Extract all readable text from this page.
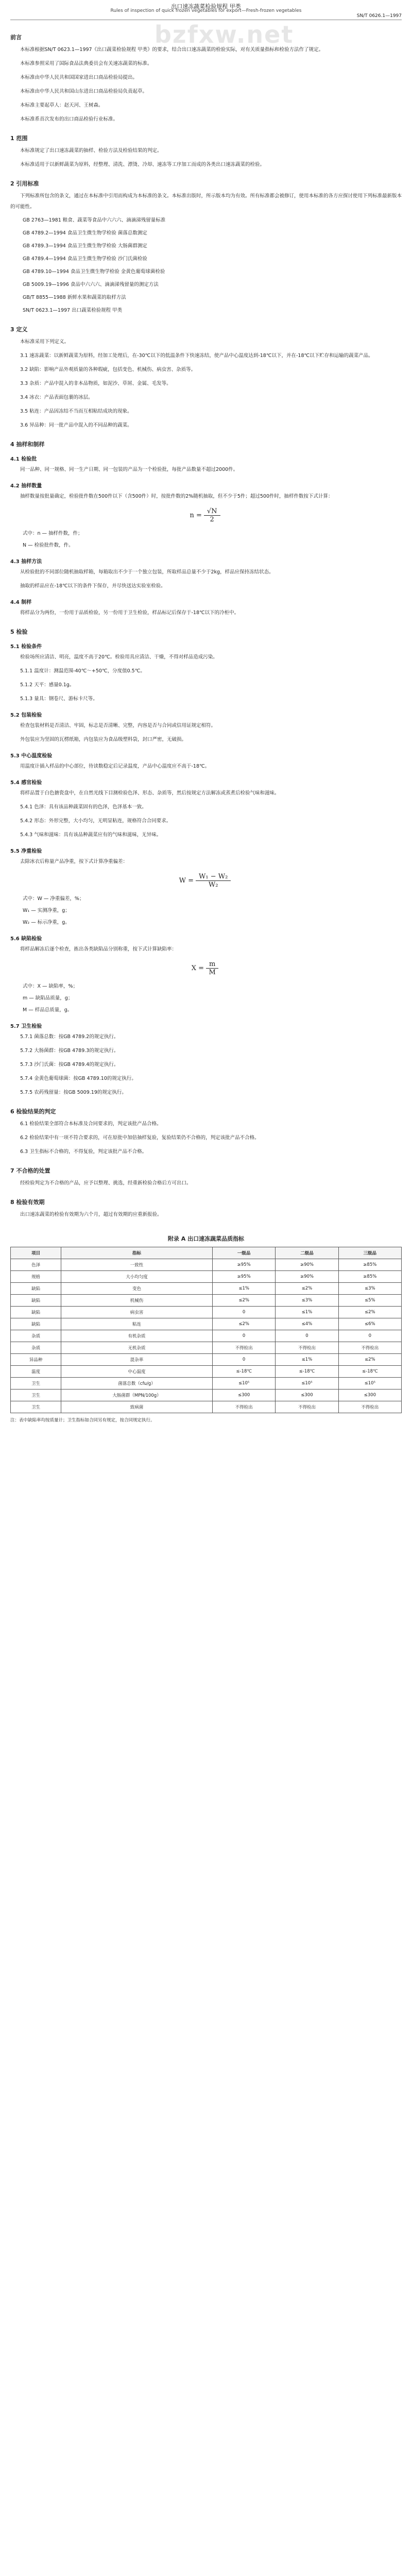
bzfxw.net
出口速冻蔬菜检验规程 甲类
Rules of inspection of quick frozen vegetables for export—Fresh-frozen vegetables
SN/T 0626.1—1997
前言

本标准根据SN/T 0623.1—1997《出口蔬菜检验规程 甲类》的要求，结合出口速冻蔬菜的检验实际，对有关质量指标和检验方法作了规定。

本标准参照采用了国际食品法典委员会有关速冻蔬菜的标准。

本标准由中华人民共和国国家进出口商品检验局提出。

本标准由中华人民共和国山东进出口商品检验局负责起草。

本标准主要起草人：赵天河、王树森。

本标准系首次发布的出口商品检验行业标准。

1 范围

本标准规定了出口速冻蔬菜的抽样、检验方法及检验结果的判定。

本标准适用于以新鲜蔬菜为原料，经整理、清洗、漂烫、冷却、速冻等工序加工而成的各类出口速冻蔬菜的检验。

2 引用标准

下列标准所包含的条文，通过在本标准中引用而构成为本标准的条文。本标准出版时，所示版本均为有效。所有标准都会被修订，使用本标准的各方应探讨使用下列标准最新版本的可能性。

GB 2763—1981 粮食、蔬菜等食品中六六六、滴滴涕残留量标准
GB 4789.2—1994 食品卫生微生物学检验 菌落总数测定
GB 4789.3—1994 食品卫生微生物学检验 大肠菌群测定
GB 4789.4—1994 食品卫生微生物学检验 沙门氏菌检验
GB 4789.10—1994 食品卫生微生物学检验 金黄色葡萄球菌检验
GB 5009.19—1996 食品中六六六、滴滴涕残留量的测定方法
GB/T 8855—1988 新鲜水果和蔬菜的取样方法
SN/T 0623.1—1997 出口蔬菜检验规程 甲类
3 定义

本标准采用下列定义。

3.1 速冻蔬菜：以新鲜蔬菜为原料，经加工处理后，在-30℃以下的低温条件下快速冻结，使产品中心温度达到-18℃以下，并在-18℃以下贮存和运输的蔬菜产品。

3.2 缺陷：影响产品外观质量的各种瑕疵，包括变色、机械伤、病虫害、杂质等。

3.3 杂质：产品中混入的非本品物质，如泥沙、草屑、金属、毛发等。

3.4 冰衣：产品表面包裹的冰层。

3.5 粘连：产品因冻结不当而互相粘结成块的现象。

3.6 异品种：同一批产品中混入的不同品种的蔬菜。

4 抽样和制样
4.1 检验批

同一品种、同一规格、同一生产日期、同一包装的产品为一个检验批，每批产品数量不超过2000件。

4.2 抽样数量

抽样数量按批量确定，检验批件数在500件以下（含500件）时，按批件数的2%随机抽取，但不少于5件；超过500件时，抽样件数按下式计算：

$n = \frac{√N}{2}$
式中：n — 抽样件数，件；
N — 检验批件数，件。
4.3 抽样方法

从检验批的不同部位随机抽取样箱，每箱取出不少于一个独立包装，所取样品总量不少于2kg，样品应保持冻结状态。

抽取的样品应在-18℃以下的条件下保存，并尽快送达实验室检验。

4.4 制样

将样品分为两份，一份用于品质检验，另一份用于卫生检验，样品标记后保存于-18℃以下的冷柜中。

5 检验
5.1 检验条件

检验场所应清洁、明亮，温度不高于20℃。检验用具应清洁、干燥，不得对样品造成污染。

5.1.1 温度计：测温范围-40℃～+50℃，分度值0.5℃。

5.1.2 天平：感量0.1g。

5.1.3 量具：钢卷尺、游标卡尺等。

5.2 包装检验

检查包装材料是否清洁、牢固，标志是否清晰、完整，内容是否与合同或信用证规定相符。

外包装应为坚固的瓦楞纸箱，内包装应为食品级塑料袋，封口严密，无破损。

5.3 中心温度检验

用温度计插入样品的中心部位，待读数稳定后记录温度，产品中心温度应不高于-18℃。

5.4 感官检验

将样品置于白色搪瓷盘中，在自然光线下目测检验色泽、形态、杂质等，然后按规定方法解冻或蒸煮后检验气味和滋味。

5.4.1 色泽：具有该品种蔬菜固有的色泽，色泽基本一致。

5.4.2 形态：外形完整，大小均匀，无明显粘连，规格符合合同要求。

5.4.3 气味和滋味：具有该品种蔬菜应有的气味和滋味，无异味。

5.5 净重检验

去除冰衣后称量产品净重，按下式计算净重偏差：

$W = \frac{\text{W₁ − W₂}}{\text{W₂}}$
式中：W — 净重偏差，%；
W₁ — 实测净重，g；
W₂ — 标示净重，g。
5.6 缺陷检验

将样品解冻后逐个检查，拣出各类缺陷品分别称重，按下式计算缺陷率：

$X = \frac{m}{M}$
式中：X — 缺陷率，%；
m — 缺陷品质量，g；
M — 样品总质量，g。
5.7 卫生检验

5.7.1 菌落总数：按GB 4789.2的规定执行。

5.7.2 大肠菌群：按GB 4789.3的规定执行。

5.7.3 沙门氏菌：按GB 4789.4的规定执行。

5.7.4 金黄色葡萄球菌：按GB 4789.10的规定执行。

5.7.5 农药残留量：按GB 5009.19的规定执行。

6 检验结果的判定

6.1 检验结果全部符合本标准及合同要求的，判定该批产品合格。

6.2 检验结果中有一项不符合要求的，可在原批中加倍抽样复验，复验结果仍不合格的，判定该批产品不合格。

6.3 卫生指标不合格的，不得复验，判定该批产品不合格。

7 不合格的处置

经检验判定为不合格的产品，应予以整理、挑选，经重新检验合格后方可出口。

8 检验有效期

出口速冻蔬菜的检验有效期为六个月，超过有效期的应重新报验。

附录 A 出口速冻蔬菜品质指标
项目	指标	一级品	二级品	三级品
色泽	一致性	≥95%	≥90%	≥85%
规格	大小均匀度	≥95%	≥90%	≥85%
缺陷	变色	≤1%	≤2%	≤3%
缺陷	机械伤	≤2%	≤3%	≤5%
缺陷	病虫害	0	≤1%	≤2%
缺陷	粘连	≤2%	≤4%	≤6%
杂质	有机杂质	0	0	0
杂质	无机杂质	不得检出	不得检出	不得检出
异品种	混杂率	0	≤1%	≤2%
温度	中心温度	≤-18℃	≤-18℃	≤-18℃
卫生	菌落总数（cfu/g）	≤10⁵	≤10⁵	≤10⁵
卫生	大肠菌群（MPN/100g）	≤300	≤300	≤300
卫生	致病菌	不得检出	不得检出	不得检出
注：表中缺陷率均按质量计；卫生指标如合同另有规定，按合同规定执行。
